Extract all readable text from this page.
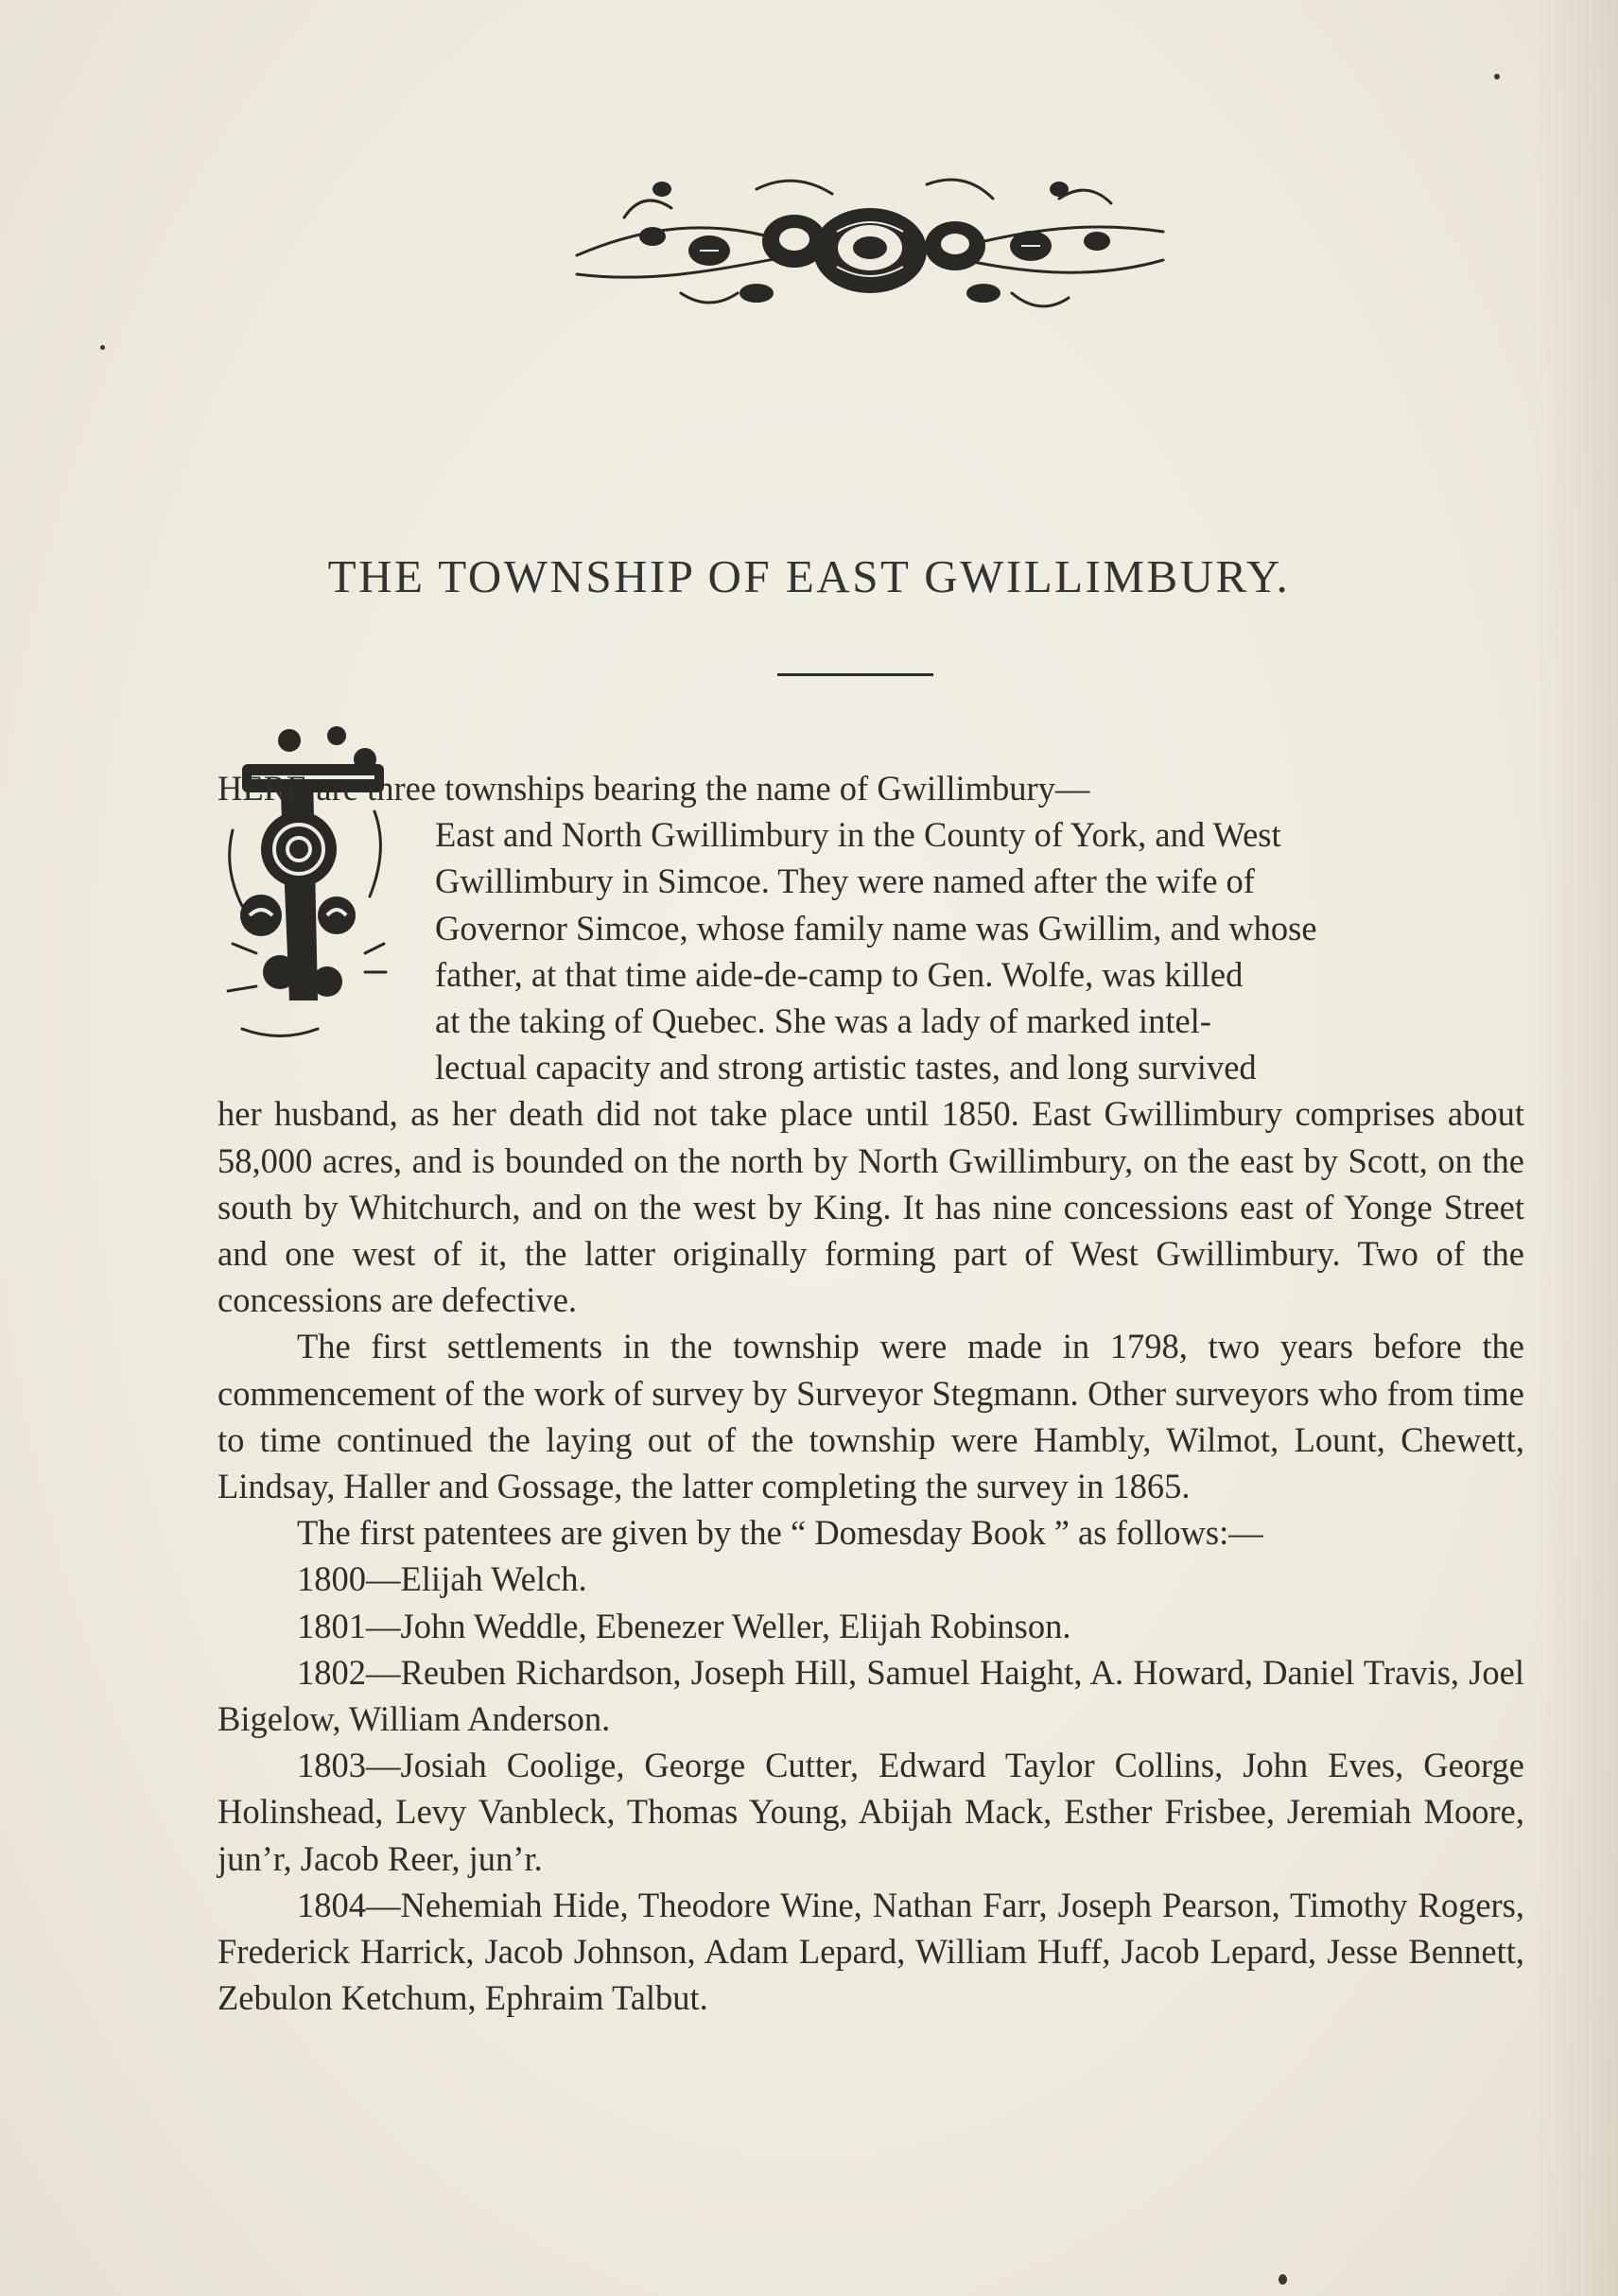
THE TOWNSHIP OF EAST GWILLIMBURY.

HERE are three townships bearing the name of Gwillimbury—

East and North Gwillimbury in the County of York, and West

Gwillimbury in Simcoe. They were named after the wife of

Governor Simcoe, whose family name was Gwillim, and whose

father, at that time aide-de-camp to Gen. Wolfe, was killed

at the taking of Quebec. She was a lady of marked intel-

lectual capacity and strong artistic tastes, and long survived

her husband, as her death did not take place until 1850. East Gwillimbury comprises about 58,000 acres, and is bounded on the north by North Gwillimbury, on the east by Scott, on the south by Whitchurch, and on the west by King. It has nine concessions east of Yonge Street and one west of it, the latter originally forming part of West Gwillimbury. Two of the concessions are defective.

The first settlements in the township were made in 1798, two years before the commencement of the work of survey by Surveyor Stegmann. Other surveyors who from time to time continued the laying out of the township were Hambly, Wilmot, Lount, Chewett, Lindsay, Haller and Gossage, the latter completing the survey in 1865.

The first patentees are given by the “ Domesday Book ” as follows:—

1800—Elijah Welch.

1801—John Weddle, Ebenezer Weller, Elijah Robinson.

1802—Reuben Richardson, Joseph Hill, Samuel Haight, A. Howard, Daniel Travis, Joel Bigelow, William Anderson.

1803—Josiah Coolige, George Cutter, Edward Taylor Collins, John Eves, George Holinshead, Levy Vanbleck, Thomas Young, Abijah Mack, Esther Frisbee, Jeremiah Moore, jun’r, Jacob Reer, jun’r.

1804—Nehemiah Hide, Theodore Wine, Nathan Farr, Joseph Pearson, Timothy Rogers, Frederick Harrick, Jacob Johnson, Adam Lepard, William Huff, Jacob Lepard, Jesse Bennett, Zebulon Ketchum, Ephraim Talbut.
